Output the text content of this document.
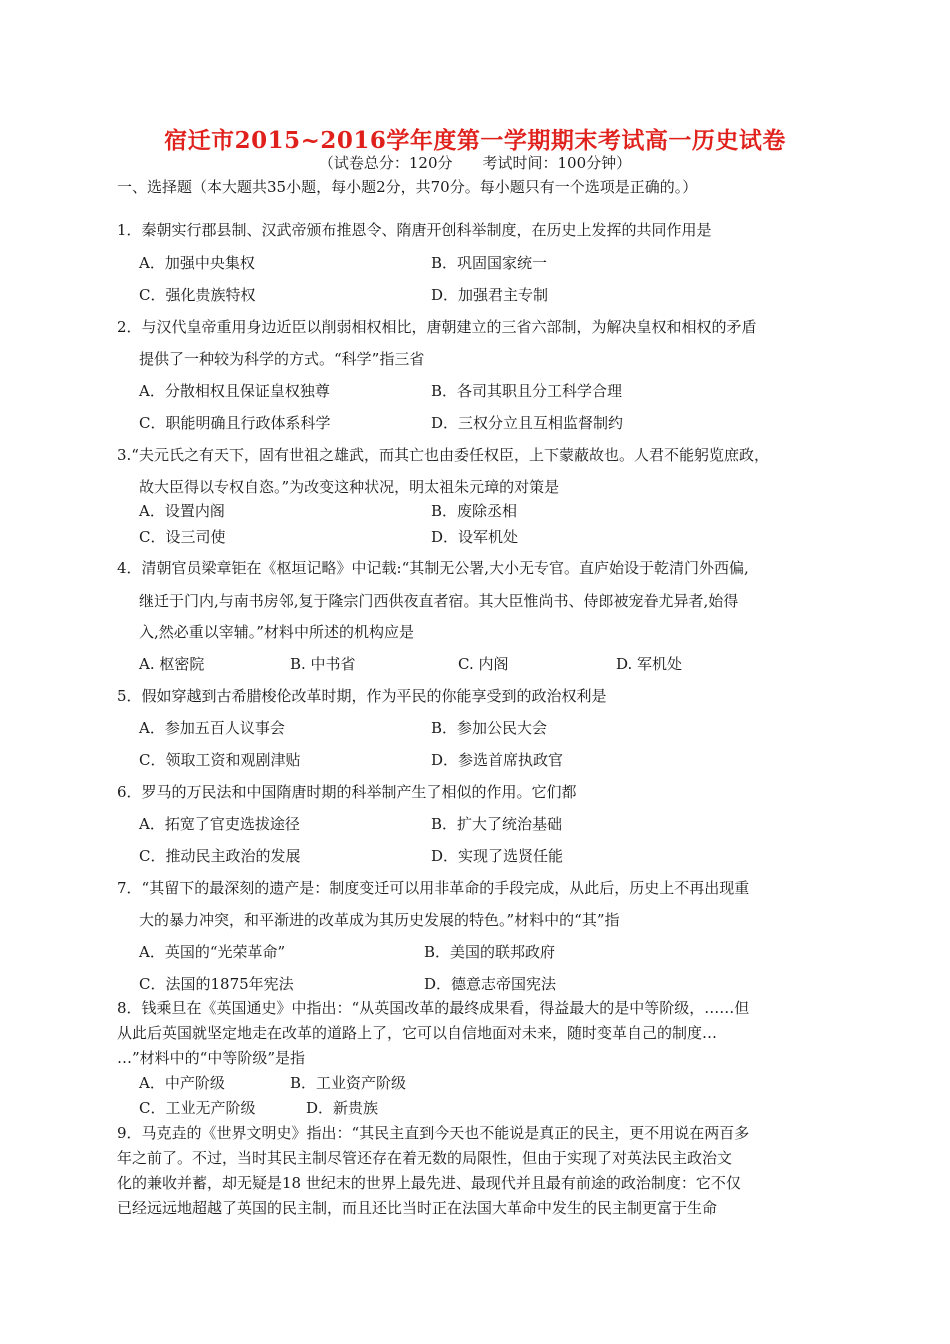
宿迁市2015~2016学年度第一学期期末考试高一历史试卷
（试卷总分：120分　　考试时间：100分钟）
一、选择题（本大题共35小题，每小题2分，共70分。每小题只有一个选项是正确的。）
1．秦朝实行郡县制、汉武帝颁布推恩令、隋唐开创科举制度，在历史上发挥的共同作用是
A．加强中央集权	B．巩固国家统一
C．强化贵族特权	D．加强君主专制
2．与汉代皇帝重用身边近臣以削弱相权相比，唐朝建立的三省六部制，为解决皇权和相权的矛盾
提供了一种较为科学的方式。“科学”指三省
A．分散相权且保证皇权独尊	B．各司其职且分工科学合理
C．职能明确且行政体系科学	D．三权分立且互相监督制约
3.“夫元氏之有天下，固有世祖之雄武，而其亡也由委任权臣，上下蒙蔽故也。人君不能躬览庶政，
故大臣得以专权自恣。”为改变这种状况，明太祖朱元璋的对策是
A．设置内阁	B．废除丞相
C．设三司使	D．设军机处
4．清朝官员梁章钜在《枢垣记略》中记载:“其制无公署,大小无专官。直庐始设于乾清门外西偏,
继迁于门内,与南书房邻,复于隆宗门西供夜直者宿。其大臣惟尚书、侍郎被宠眷尤异者,始得
入,然必重以宰辅。”材料中所述的机构应是
A. 枢密院	B. 中书省	C. 内阁	D. 军机处
5．假如穿越到古希腊梭伦改革时期，作为平民的你能享受到的政治权利是
A．参加五百人议事会	B．参加公民大会
C．领取工资和观剧津贴	D．参选首席执政官
6．罗马的万民法和中国隋唐时期的科举制产生了相似的作用。它们都
A．拓宽了官吏选拔途径	B．扩大了统治基础
C．推动民主政治的发展	D．实现了选贤任能
7．“其留下的最深刻的遗产是：制度变迁可以用非革命的手段完成，从此后，历史上不再出现重
大的暴力冲突，和平渐进的改革成为其历史发展的特色。”材料中的“其”指
A．英国的“光荣革命”	B．美国的联邦政府
C．法国的1875年宪法	D．德意志帝国宪法
8．钱乘旦在《英国通史》中指出：“从英国改革的最终成果看，得益最大的是中等阶级，……但
从此后英国就坚定地走在改革的道路上了，它可以自信地面对未来，随时变革自己的制度…
…”材料中的“中等阶级”是指
A．中产阶级	B．工业资产阶级
C．工业无产阶级	D．新贵族
9．马克垚的《世界文明史》指出：“其民主直到今天也不能说是真正的民主，更不用说在两百多
年之前了。不过，当时其民主制尽管还存在着无数的局限性，但由于实现了对英法民主政治文
化的兼收并蓄，却无疑是18 世纪末的世界上最先进、最现代并且最有前途的政治制度：它不仅
已经远远地超越了英国的民主制，而且还比当时正在法国大革命中发生的民主制更富于生命
